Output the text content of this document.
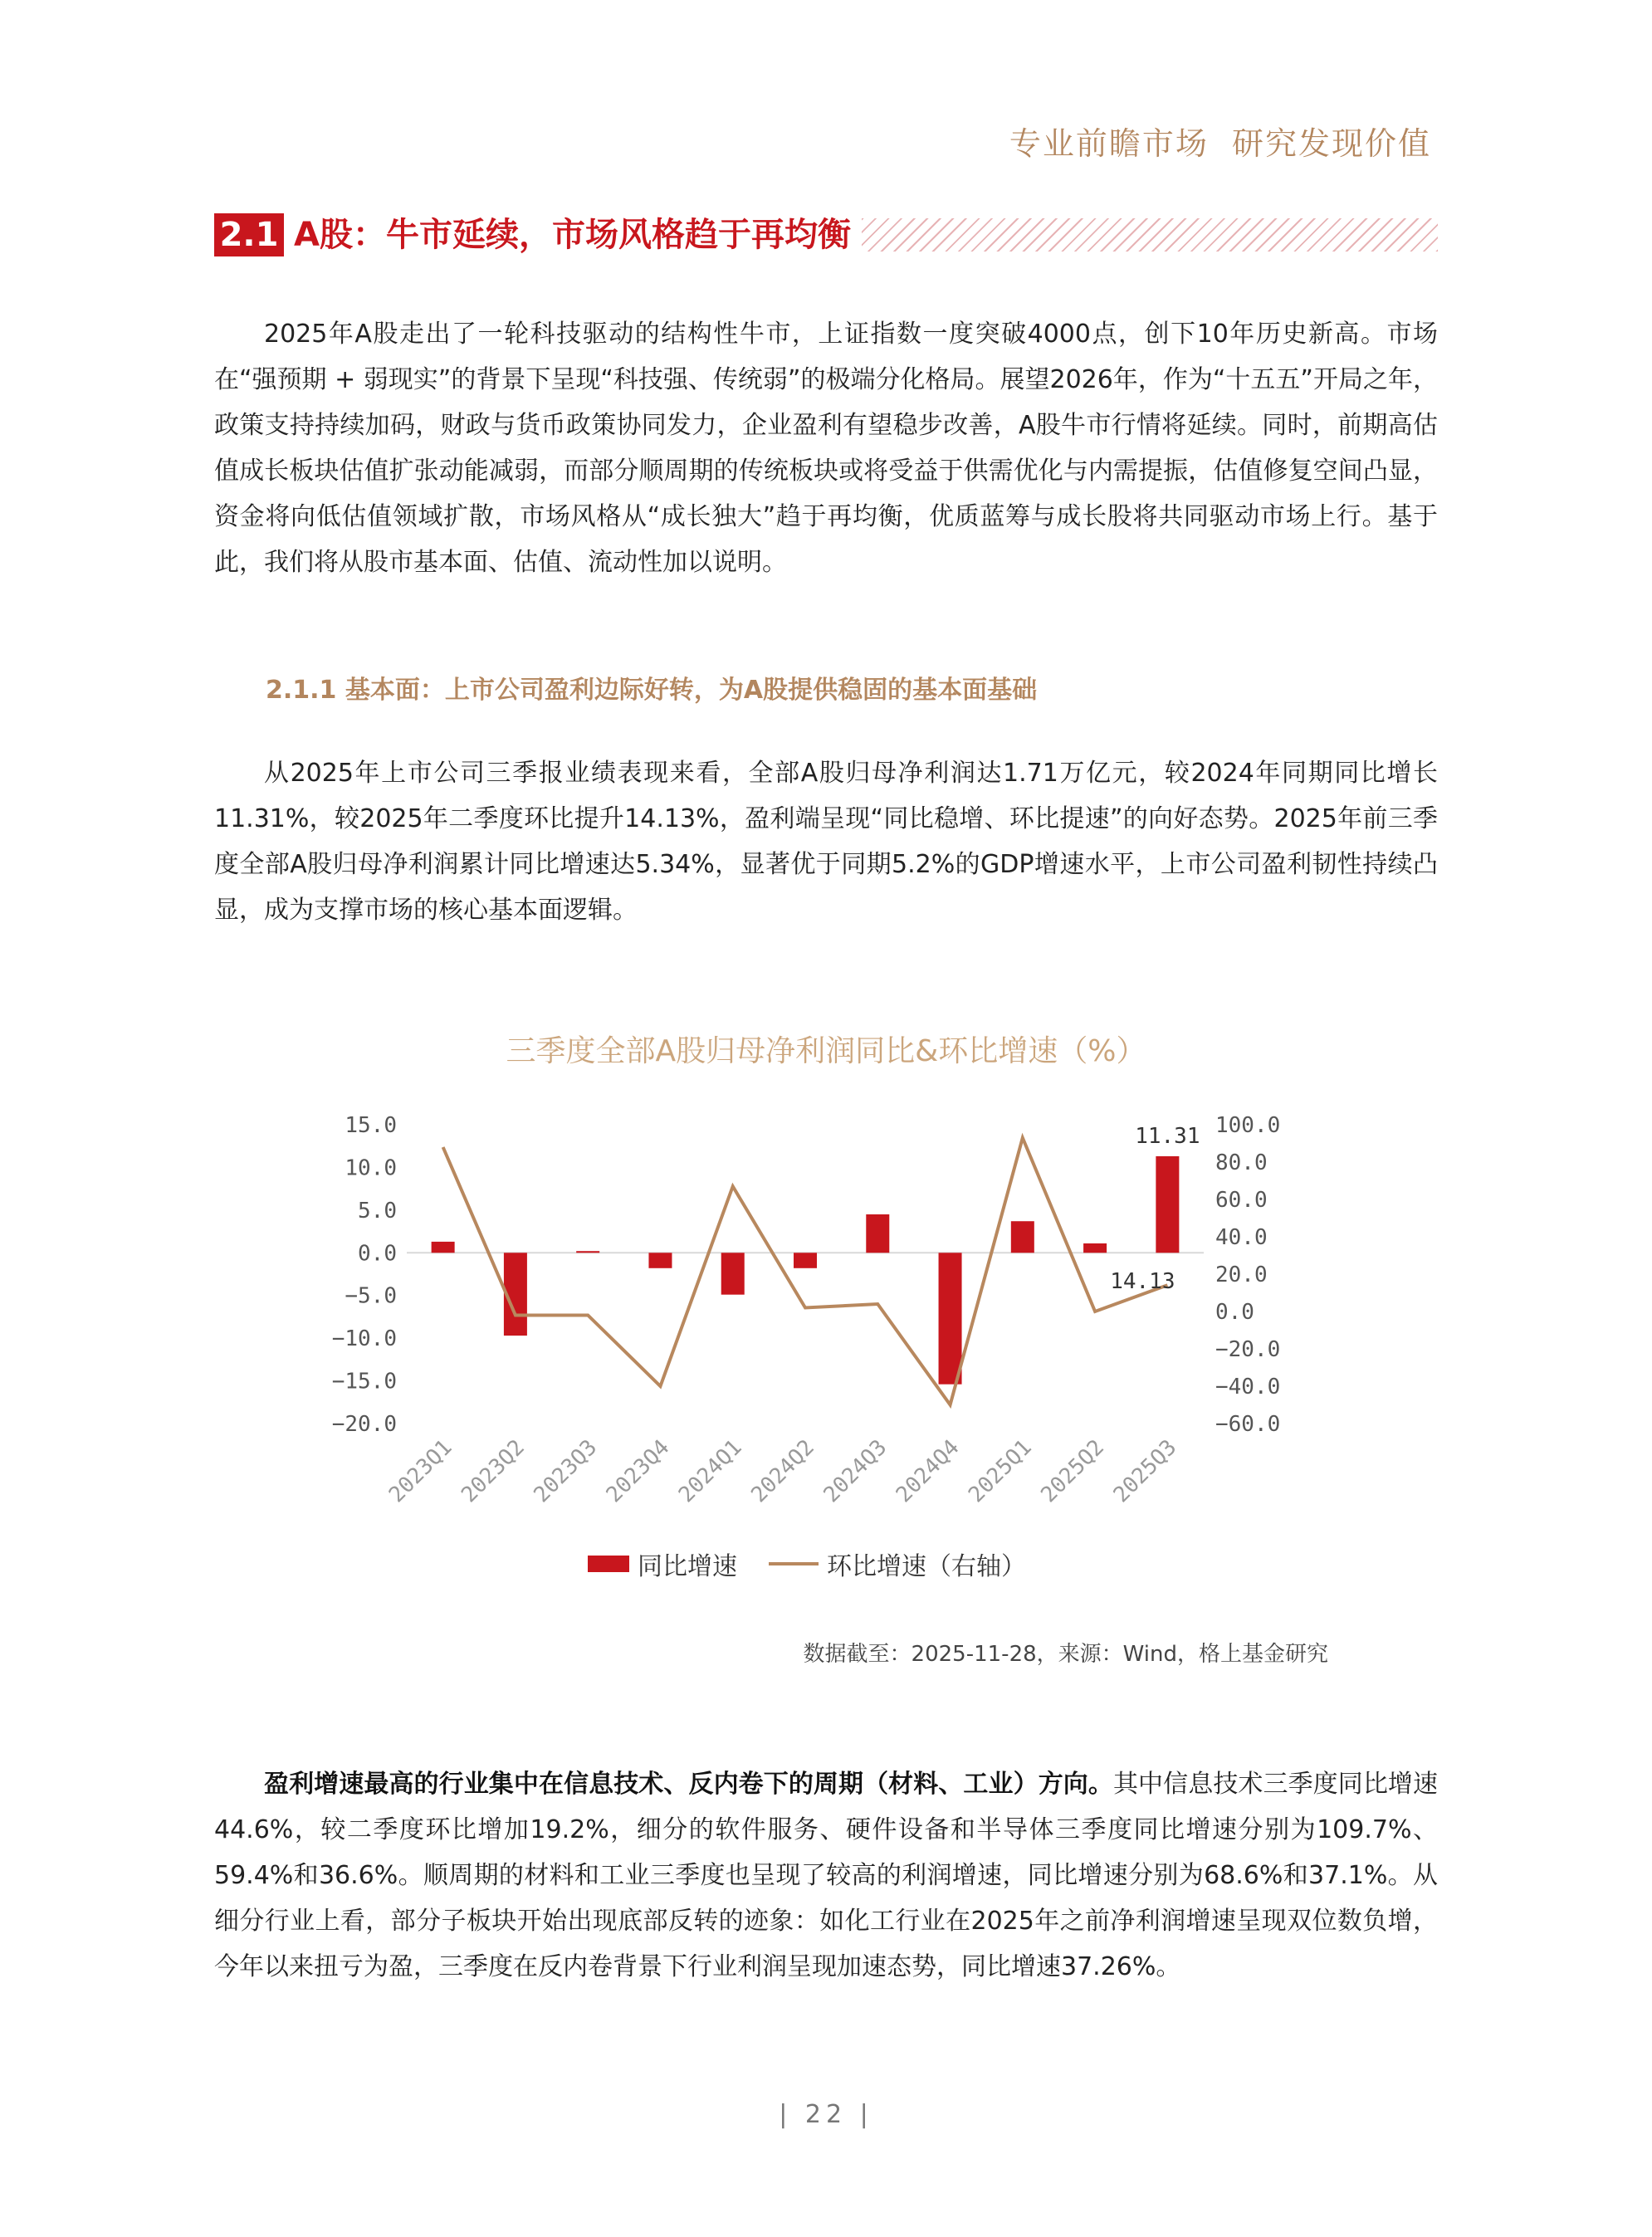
专业前瞻市场 研究发现价值
2.1 A股：牛市延续，市场风格趋于再均衡

2025年A股走出了一轮科技驱动的结构性牛市，上证指数一度突破4000点，创下10年历史新高。市场在“强预期 + 弱现实”的背景下呈现“科技强、传统弱”的极端分化格局。展望2026年，作为“十五五”开局之年，政策支持持续加码，财政与货币政策协同发力，企业盈利有望稳步改善，A股牛市行情将延续。同时，前期高估值成长板块估值扩张动能减弱，而部分顺周期的传统板块或将受益于供需优化与内需提振，估值修复空间凸显，资金将向低估值领域扩散，市场风格从“成长独大”趋于再均衡，优质蓝筹与成长股将共同驱动市场上行。基于此，我们将从股市基本面、估值、流动性加以说明。

2.1.1 基本面：上市公司盈利边际好转，为A股提供稳固的基本面基础

从2025年上市公司三季报业绩表现来看，全部A股归母净利润达1.71万亿元，较2024年同期同比增长11.31%，较2025年二季度环比提升14.13%，盈利端呈现“同比稳增、环比提速”的向好态势。2025年前三季度全部A股归母净利润累计同比增速达5.34%，显著优于同期5.2%的GDP增速水平，上市公司盈利韧性持续凸显，成为支撑市场的核心基本面逻辑。

三季度全部A股归母净利润同比&环比增速（%）
15.0
10.0
5.0
0.0
−5.0
−10.0
−15.0
−20.0
100.0
80.0
60.0
40.0
20.0
0.0
−20.0
−40.0
−60.0
11.31
14.13
2023Q1 2023Q2 2023Q3 2023Q4 2024Q1 2024Q2 2024Q3 2024Q4 2025Q1 2025Q2 2025Q3
同比增速	环比增速（右轴）
数据截至：2025-11-28，来源：Wind，格上基金研究

盈利增速最高的行业集中在信息技术、反内卷下的周期（材料、工业）方向。其中信息技术三季度同比增速44.6%，较二季度环比增加19.2%，细分的软件服务、硬件设备和半导体三季度同比增速分别为109.7%、59.4%和36.6%。顺周期的材料和工业三季度也呈现了较高的利润增速，同比增速分别为68.6%和37.1%。从细分行业上看，部分子板块开始出现底部反转的迹象：如化工行业在2025年之前净利润增速呈现双位数负增，今年以来扭亏为盈，三季度在反内卷背景下行业利润呈现加速态势，同比增速37.26%。

| 22 |
